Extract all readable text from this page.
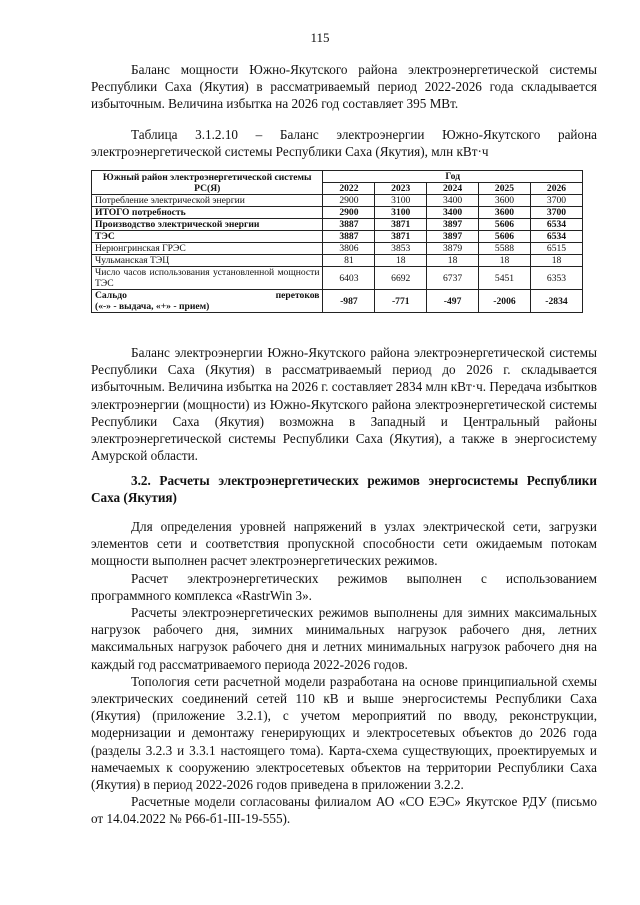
115
Баланс мощности Южно-Якутского района электроэнергетической системы Республики Саха (Якутия) в рассматриваемый период 2022-2026 года складывается избыточным. Величина избытка на 2026 год составляет 395 МВт.
Таблица 3.1.2.10 – Баланс электроэнергии Южно-Якутского района электроэнергетической системы Республики Саха (Якутия), млн кВт·ч
Южный район электроэнергетической системы РС(Я)	Год				
	2022	2023	2024	2025	2026
Потребление электрической энергии	2900	3100	3400	3600	3700
ИТОГО потребность	2900	3100	3400	3600	3700
Производство электрической энергии	3887	3871	3897	5606	6534
ТЭС	3887	3871	3897	5606	6534
Нерюнгринская ГРЭС	3806	3853	3879	5588	6515
Чульманская ТЭЦ	81	18	18	18	18
Число часов использования установленной мощности ТЭС	6403	6692	6737	5451	6353

Сальдо перетоков
(«-» - выдача, «+» - прием)	-987	-771	-497	-2006	-2834
Баланс электроэнергии Южно-Якутского района электроэнергетической системы Республики Саха (Якутия) в рассматриваемый период до 2026 г. складывается избыточным. Величина избытка на 2026 г. составляет 2834 млн кВт·ч. Передача избытков электроэнергии (мощности) из Южно-Якутского района электроэнергетической системы Республики Саха (Якутия) возможна в Западный и Центральный районы электроэнергетической системы Республики Саха (Якутия), а также в энергосистему Амурской области.
3.2. Расчеты электроэнергетических режимов энергосистемы Республики Саха (Якутия)

Для определения уровней напряжений в узлах электрической сети, загрузки элементов сети и соответствия пропускной способности сети ожидаемым потокам мощности выполнен расчет электроэнергетических режимов.

Расчет электроэнергетических режимов выполнен с использованием программного комплекса «RastrWin 3».

Расчеты электроэнергетических режимов выполнены для зимних максимальных нагрузок рабочего дня, зимних минимальных нагрузок рабочего дня, летних максимальных нагрузок рабочего дня и летних минимальных нагрузок рабочего дня на каждый год рассматриваемого периода 2022-2026 годов.

Топология сети расчетной модели разработана на основе принципиальной схемы электрических соединений сетей 110 кВ и выше энергосистемы Республики Саха (Якутия) (приложение 3.2.1), с учетом мероприятий по вводу, реконструкции, модернизации и демонтажу генерирующих и электросетевых объектов до 2026 года (разделы 3.2.3 и 3.3.1 настоящего тома). Карта-схема существующих, проектируемых и намечаемых к сооружению электросетевых объектов на территории Республики Саха (Якутия) в период 2022-2026 годов приведена в приложении 3.2.2.

Расчетные модели согласованы филиалом АО «СО ЕЭС» Якутское РДУ (письмо от 14.04.2022 № Р66-б1-III-19-555).
